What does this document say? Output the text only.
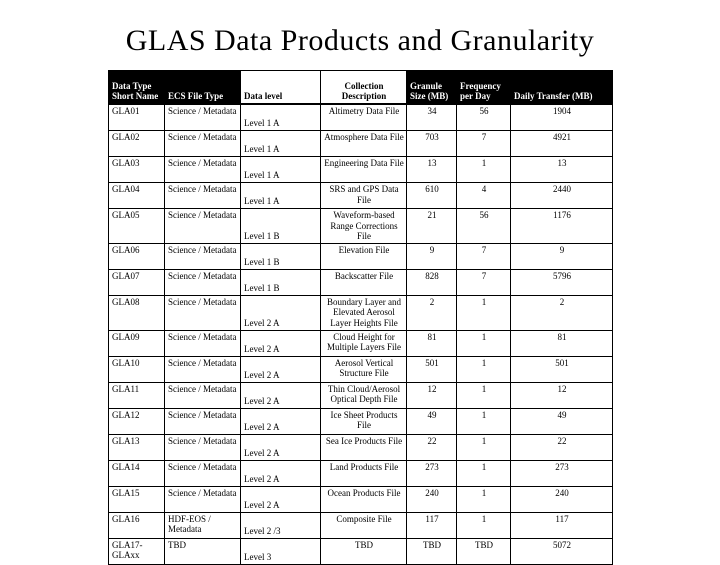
GLAS Data Products and Granularity
Data Type Short Name	ECS File Type	Data level	Collection Description	Granule Size (MB)	Frequency per Day	Daily Transfer (MB)
GLA01	Science / Metadata	Level 1 A	Altimetry Data File	34	56	1904
GLA02	Science / Metadata	Level 1 A	Atmosphere Data File	703	7	4921
GLA03	Science / Metadata	Level 1 A	Engineering Data File	13	1	13
GLA04	Science / Metadata	Level 1 A	SRS and GPS Data File	610	4	2440
GLA05	Science / Metadata	Level 1 B	Waveform-based Range Corrections File	21	56	1176
GLA06	Science / Metadata	Level 1 B	Elevation File	9	7	9
GLA07	Science / Metadata	Level 1 B	Backscatter File	828	7	5796
GLA08	Science / Metadata	Level 2 A	Boundary Layer and Elevated Aerosol Layer Heights File	2	1	2
GLA09	Science / Metadata	Level 2 A	Cloud Height for Multiple Layers File	81	1	81
GLA10	Science / Metadata	Level 2 A	Aerosol Vertical Structure File	501	1	501
GLA11	Science / Metadata	Level 2 A	Thin Cloud/Aerosol Optical Depth File	12	1	12
GLA12	Science / Metadata	Level 2 A	Ice Sheet Products File	49	1	49
GLA13	Science / Metadata	Level 2 A	Sea Ice Products File	22	1	22
GLA14	Science / Metadata	Level 2 A	Land Products File	273	1	273
GLA15	Science / Metadata	Level 2 A	Ocean Products File	240	1	240
GLA16	HDF-EOS / Metadata	Level 2 /3	Composite File	117	1	117
GLA17-GLAxx	TBD	Level 3	TBD	TBD	TBD	5072
